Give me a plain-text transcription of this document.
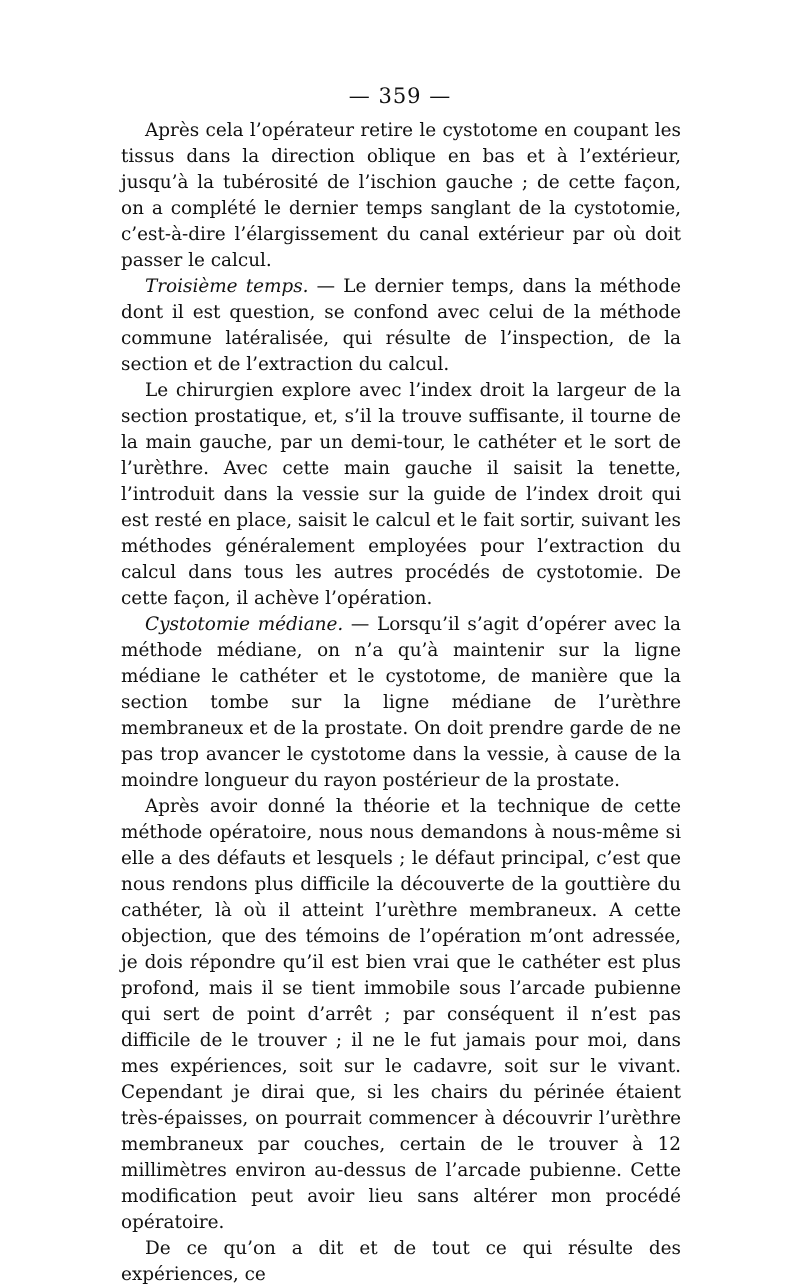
— 359 —

Après cela l’opérateur retire le cystotome en coupant les tissus dans la direction oblique en bas et à l’extérieur, jusqu’à la tubérosité de l’ischion gauche ; de cette façon, on a complété le dernier temps sanglant de la cystotomie, c’est-à-dire l’élargissement du canal extérieur par où doit passer le calcul.

Troisième temps. — Le dernier temps, dans la méthode dont il est question, se confond avec celui de la méthode commune latéralisée, qui résulte de l’inspection, de la section et de l’extraction du calcul.

Le chirurgien explore avec l’index droit la largeur de la section prostatique, et, s’il la trouve suffisante, il tourne de la main gauche, par un demi-tour, le cathéter et le sort de l’urèthre. Avec cette main gauche il saisit la tenette, l’introduit dans la vessie sur la guide de l’index droit qui est resté en place, saisit le calcul et le fait sortir, suivant les méthodes généralement employées pour l’extraction du calcul dans tous les autres procédés de cystotomie. De cette façon, il achève l’opération.

Cystotomie médiane. — Lorsqu’il s’agit d’opérer avec la méthode médiane, on n’a qu’à maintenir sur la ligne médiane le cathéter et le cystotome, de manière que la section tombe sur la ligne médiane de l’urèthre membraneux et de la prostate. On doit prendre garde de ne pas trop avancer le cystotome dans la vessie, à cause de la moindre longueur du rayon postérieur de la prostate.

Après avoir donné la théorie et la technique de cette méthode opératoire, nous nous demandons à nous-même si elle a des défauts et lesquels ; le défaut principal, c’est que nous rendons plus difficile la découverte de la gouttière du cathéter, là où il atteint l’urèthre membraneux. A cette objection, que des témoins de l’opération m’ont adressée, je dois répondre qu’il est bien vrai que le cathéter est plus profond, mais il se tient immobile sous l’arcade pubienne qui sert de point d’arrêt ; par conséquent il n’est pas difficile de le trouver ; il ne le fut jamais pour moi, dans mes expériences, soit sur le cadavre, soit sur le vivant. Cependant je dirai que, si les chairs du périnée étaient très-épaisses, on pourrait commencer à découvrir l’urèthre membraneux par couches, certain de le trouver à 12 millimètres environ au-dessus de l’arcade pubienne. Cette modification peut avoir lieu sans altérer mon procédé opératoire.

De ce qu’on a dit et de tout ce qui résulte des expériences, ce
